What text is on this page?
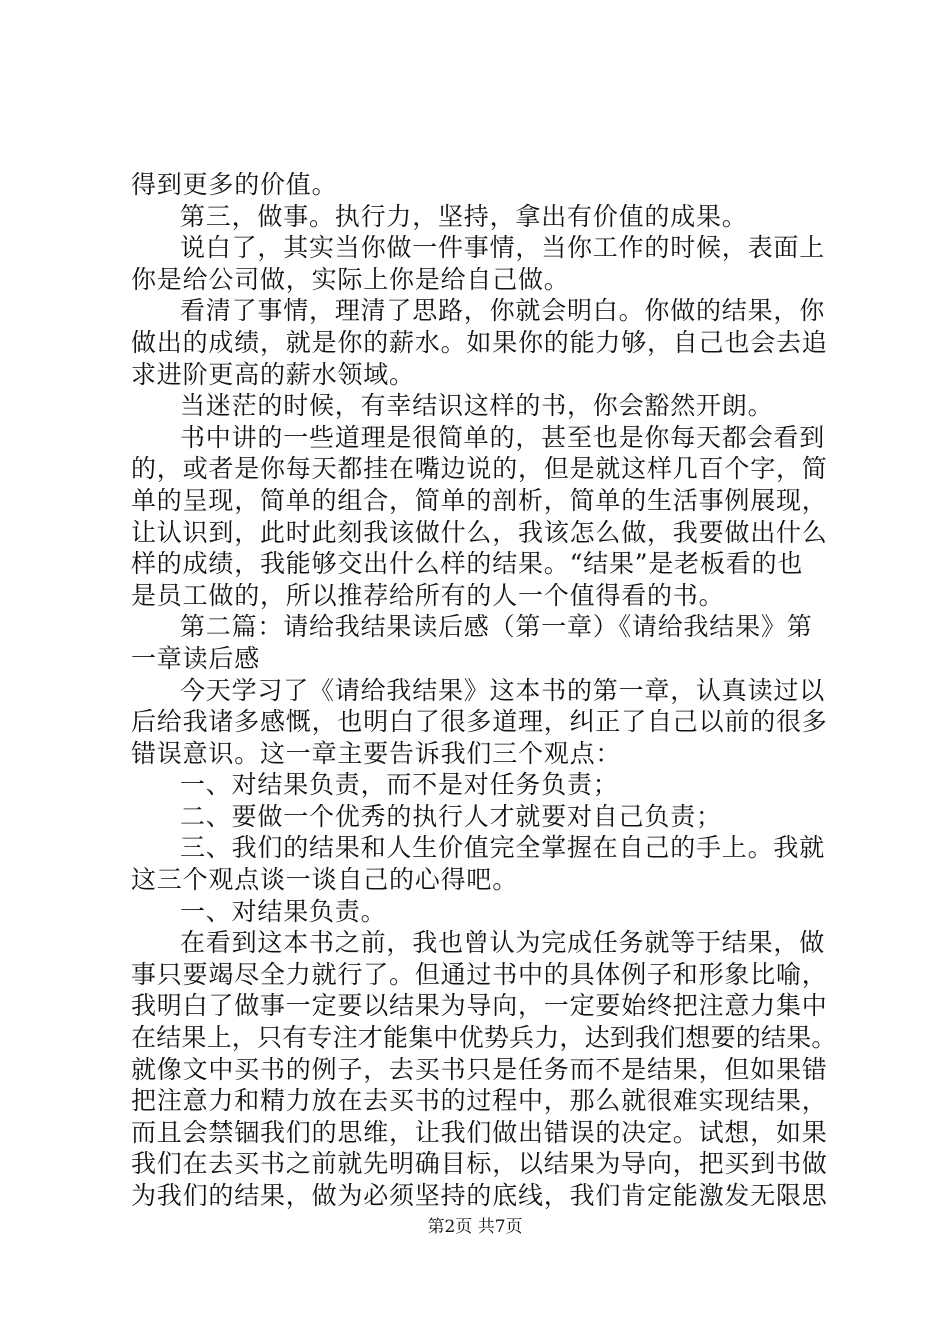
得到更多的价值。
第三，做事。执行力，坚持，拿出有价值的成果。
说白了，其实当你做一件事情，当你工作的时候，表面上
你是给公司做，实际上你是给自己做。
看清了事情，理清了思路，你就会明白。你做的结果，你
做出的成绩，就是你的薪水。如果你的能力够，自己也会去追
求进阶更高的薪水领域。
当迷茫的时候，有幸结识这样的书，你会豁然开朗。
书中讲的一些道理是很简单的，甚至也是你每天都会看到
的，或者是你每天都挂在嘴边说的，但是就这样几百个字，简
单的呈现，简单的组合，简单的剖析，简单的生活事例展现，
让认识到，此时此刻我该做什么，我该怎么做，我要做出什么
样的成绩，我能够交出什么样的结果。“结果”是老板看的也
是员工做的，所以推荐给所有的人一个值得看的书。
第二篇：请给我结果读后感（第一章）《请给我结果》第
一章读后感
今天学习了《请给我结果》这本书的第一章，认真读过以
后给我诸多感慨，也明白了很多道理，纠正了自己以前的很多
错误意识。这一章主要告诉我们三个观点：
一、对结果负责，而不是对任务负责；
二、要做一个优秀的执行人才就要对自己负责；
三、我们的结果和人生价值完全掌握在自己的手上。我就
这三个观点谈一谈自己的心得吧。
一、对结果负责。
在看到这本书之前，我也曾认为完成任务就等于结果，做
事只要竭尽全力就行了。但通过书中的具体例子和形象比喻，
我明白了做事一定要以结果为导向，一定要始终把注意力集中
在结果上，只有专注才能集中优势兵力，达到我们想要的结果。
就像文中买书的例子，去买书只是任务而不是结果，但如果错
把注意力和精力放在去买书的过程中，那么就很难实现结果，
而且会禁锢我们的思维，让我们做出错误的决定。试想，如果
我们在去买书之前就先明确目标，以结果为导向，把买到书做
为我们的结果，做为必须坚持的底线，我们肯定能激发无限思
第2页 共7页
